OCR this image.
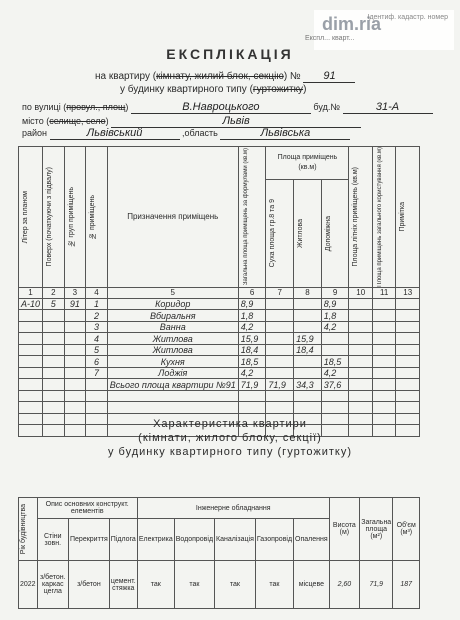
dim.ria
Ідентиф. кадастр. номер
Експл... кварт...
ЕКСПЛІКАЦІЯ
на квартиру (кімнату, жилий блок, секцію) № 91
у будинку квартирного типу (гуртожитку)
по вулиці (провул., площ)	В.Навроцького	буд.№	31-А
місто (селище, село)	Львів
район	Львівський	,область	Львівська
Літер за планом	Поверх (початкуючи з підвалу)	№ груп приміщень	№ приміщень	Призначення приміщень	Загальна площа приміщень за формулами (кв.м)	Площа приміщень (кв.м)			Площа літніх приміщень (кв.м)	Площа приміщень загального користування (кв.м)	Примітка

						Суха площа гр.8 та 9	Житлова	Допоміжна			

1	2	3	4	5	6	7	8	9	10	11	13
А-10	5	91	1	Коридор	8,9			8,9			
			2	Вбиральня	1,8			1,8			
			3	Ванна	4,2			4,2			
			4	Житлова	15,9		15,9				
			5	Житлова	18,4		18,4				
			6	Кухня	18,5			18,5			
			7	Лоджія	4,2			4,2			
				Всього площа квартири №91	71,9	71,9	34,3	37,6			

Характеристика квартири
(кімнати, жилого блоку, секції)
у будинку квартирного типу (гуртожитку)
Рік будівництва	Опис основних конструкт. елементів			Інженерне обладнання					Висота (м)	Загальна площа (м²)	Об'єм (м³)
	Стіни зовн.	Перекриття	Підлога	Електрика	Водопровід	Каналізація	Газопровід	Опалення			
2022	з/бетон. каркас цегла	з/бетон	цемент. стяжка	так	так	так	так	місцеве	2,60	71,9	187
